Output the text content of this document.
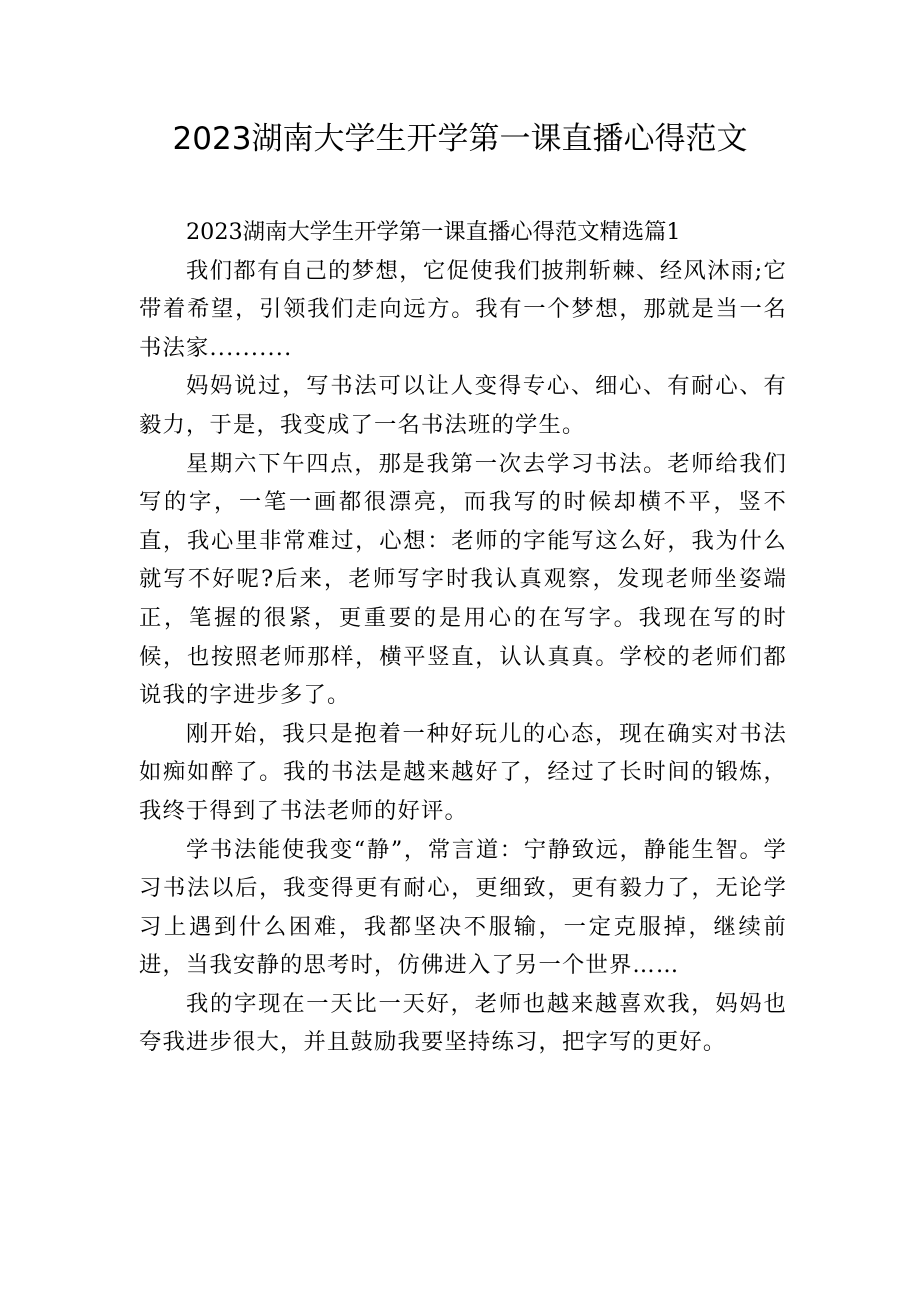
2023湖南大学生开学第一课直播心得范文

2023湖南大学生开学第一课直播心得范文精选篇1

我们都有自己的梦想，它促使我们披荆斩棘、经风沐雨;它带着希望，引领我们走向远方。我有一个梦想，那就是当一名书法家..........

妈妈说过，写书法可以让人变得专心、细心、有耐心、有毅力，于是，我变成了一名书法班的学生。

星期六下午四点，那是我第一次去学习书法。老师给我们写的字，一笔一画都很漂亮，而我写的时候却横不平，竖不直，我心里非常难过，心想：老师的字能写这么好，我为什么就写不好呢?后来，老师写字时我认真观察，发现老师坐姿端正，笔握的很紧，更重要的是用心的在写字。我现在写的时候，也按照老师那样，横平竖直，认认真真。学校的老师们都说我的字进步多了。

刚开始，我只是抱着一种好玩儿的心态，现在确实对书法如痴如醉了。我的书法是越来越好了，经过了长时间的锻炼，我终于得到了书法老师的好评。

学书法能使我变“静”，常言道：宁静致远，静能生智。学习书法以后，我变得更有耐心，更细致，更有毅力了，无论学习上遇到什么困难，我都坚决不服输，一定克服掉，继续前进，当我安静的思考时，仿佛进入了另一个世界……

我的字现在一天比一天好，老师也越来越喜欢我，妈妈也夸我进步很大，并且鼓励我要坚持练习，把字写的更好。
